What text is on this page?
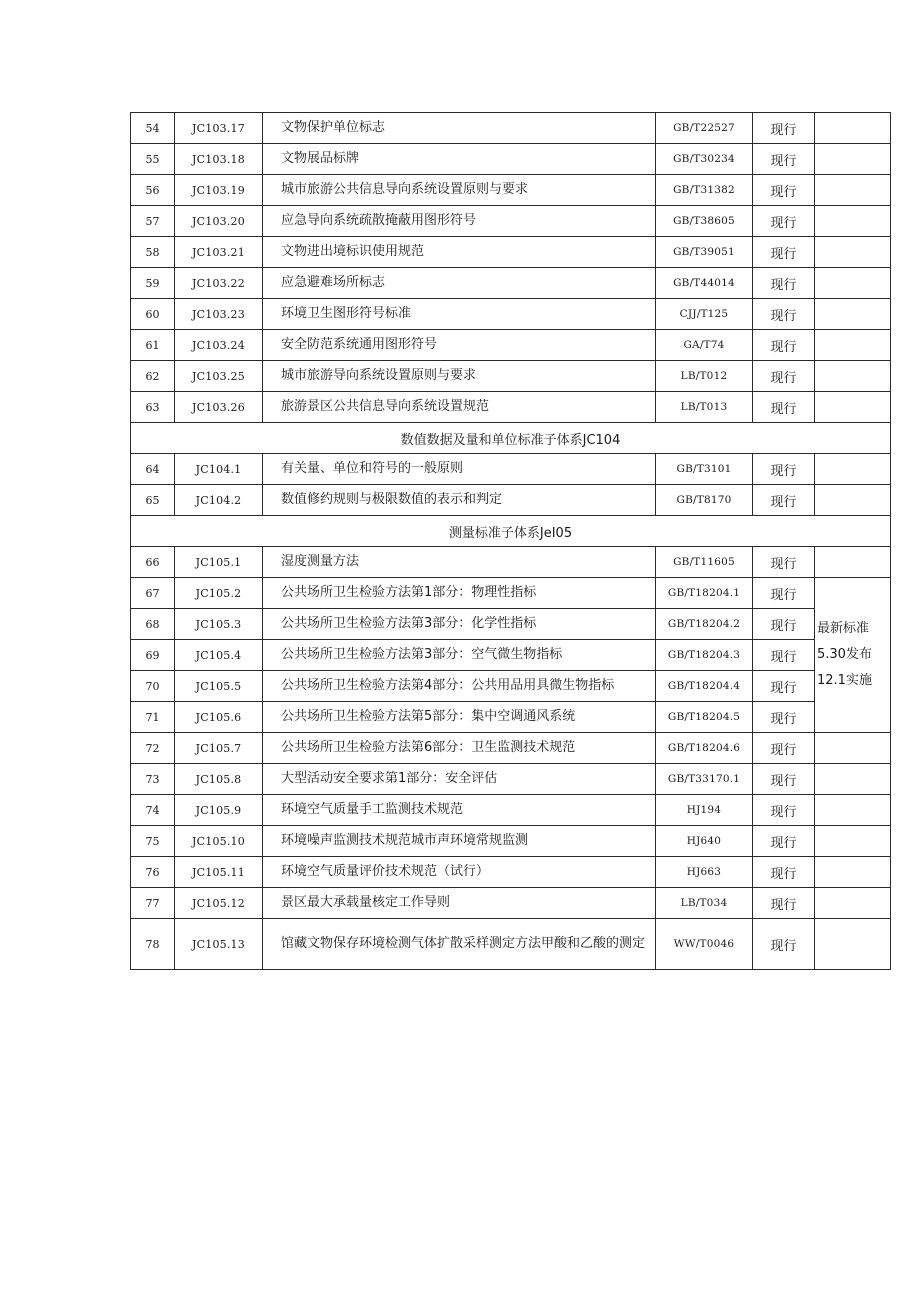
54	JC103.17	文物保护单位标志	GB/T22527	现行	
55	JC103.18	文物展品标牌	GB/T30234	现行	
56	JC103.19	城市旅游公共信息导向系统设置原则与要求	GB/T31382	现行	
57	JC103.20	应急导向系统疏散掩蔽用图形符号	GB/T38605	现行	
58	JC103.21	文物进出境标识使用规范	GB/T39051	现行	
59	JC103.22	应急避难场所标志	GB/T44014	现行	
60	JC103.23	环境卫生图形符号标准	CJJ/T125	现行	
61	JC103.24	安全防范系统通用图形符号	GA/T74	现行	
62	JC103.25	城市旅游导向系统设置原则与要求	LB/T012	现行	
63	JC103.26	旅游景区公共信息导向系统设置规范	LB/T013	现行	
数值数据及量和单位标准子体系JC104					
64	JC104.1	有关量、单位和符号的一般原则	GB/T3101	现行	
65	JC104.2	数值修约规则与极限数值的表示和判定	GB/T8170	现行	
测量标准子体系JeI05					
66	JC105.1	湿度测量方法	GB/T11605	现行	
67	JC105.2	公共场所卫生检验方法第1部分：物理性指标	GB/T18204.1	现行	最新标准
5.30发布
12.1实施

68	JC105.3	公共场所卫生检验方法第3部分：化学性指标	GB/T18204.2	现行	
69	JC105.4	公共场所卫生检验方法第3部分：空气微生物指标	GB/T18204.3	现行	
70	JC105.5	公共场所卫生检验方法第4部分：公共用品用具微生物指标	GB/T18204.4	现行	
71	JC105.6	公共场所卫生检验方法第5部分：集中空调通风系统	GB/T18204.5	现行	
72	JC105.7	公共场所卫生检验方法第6部分：卫生监测技术规范	GB/T18204.6	现行	
73	JC105.8	大型活动安全要求第1部分：安全评估	GB/T33170.1	现行	
74	JC105.9	环境空气质量手工监测技术规范	HJ194	现行	
75	JC105.10	环境噪声监测技术规范城市声环境常规监测	HJ640	现行	
76	JC105.11	环境空气质量评价技术规范（试行）	HJ663	现行	
77	JC105.12	景区最大承载量核定工作导则	LB/T034	现行	
78	JC105.13	馆藏文物保存环境检测气体扩散采样测定方法甲酸和乙酸的测定	WW/T0046	现行	
